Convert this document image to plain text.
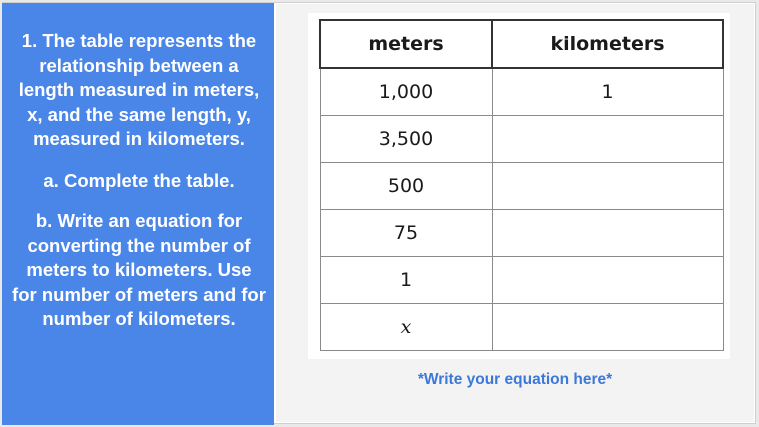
1. The table represents the relationship between a length measured in meters, x, and the same length, y, measured in kilometers.

a. Complete the table.

b. Write an equation for converting the number of meters to kilometers. Use for number of meters and for number of kilometers.

meters	kilometers
1,000	1
3,500	
500	
75	
1	
x	
*Write your equation here*
